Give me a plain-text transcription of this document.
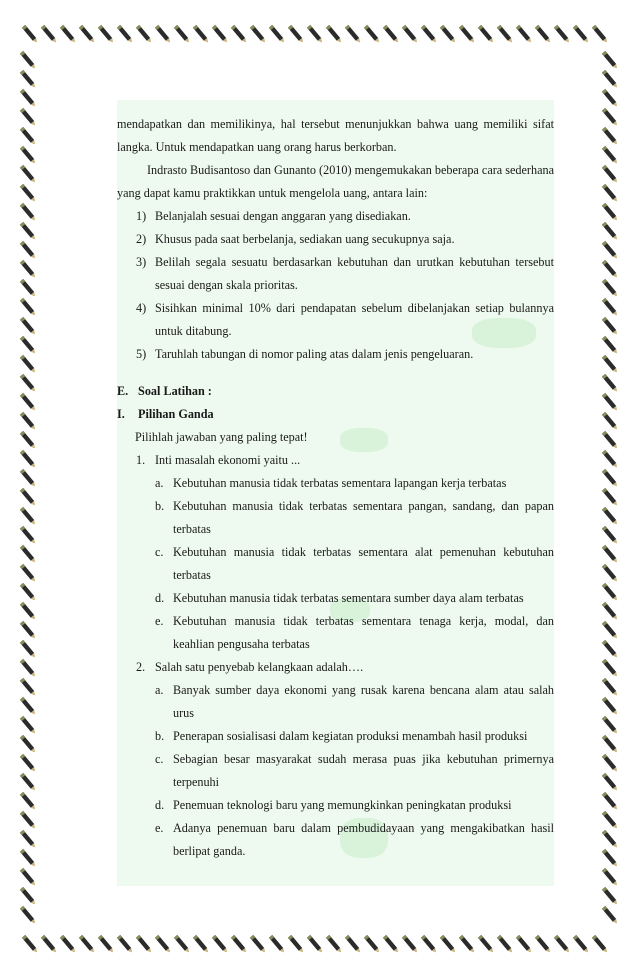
mendapatkan dan memilikinya, hal tersebut menunjukkan bahwa uang memiliki sifat langka. Untuk mendapatkan uang orang harus berkorban.

Indrasto Budisantoso dan Gunanto (2010) mengemukakan beberapa cara sederhana yang dapat kamu praktikkan untuk mengelola uang, antara lain:

1) Belanjalah sesuai dengan anggaran yang disediakan.
2) Khusus pada saat berbelanja, sediakan uang secukupnya saja.
3) Belilah segala sesuatu berdasarkan kebutuhan dan urutkan kebutuhan tersebut sesuai dengan skala prioritas.
4) Sisihkan minimal 10% dari pendapatan sebelum dibelanjakan setiap bulannya untuk ditabung.
5) Taruhlah tabungan di nomor paling atas dalam jenis pengeluaran.

E. Soal Latihan :

I. Pilihan Ganda

Pilihlah jawaban yang paling tepat!

1. Inti masalah ekonomi yaitu ...
a. Kebutuhan manusia tidak terbatas sementara lapangan kerja terbatas
b. Kebutuhan manusia tidak terbatas sementara pangan, sandang, dan papan terbatas
c. Kebutuhan manusia tidak terbatas sementara alat pemenuhan kebutuhan terbatas
d. Kebutuhan manusia tidak terbatas sementara sumber daya alam terbatas
e. Kebutuhan manusia tidak terbatas sementara tenaga kerja, modal, dan keahlian pengusaha terbatas
2. Salah satu penyebab kelangkaan adalah….
a. Banyak sumber daya ekonomi yang rusak karena bencana alam atau salah urus
b. Penerapan sosialisasi dalam kegiatan produksi menambah hasil produksi
c. Sebagian besar masyarakat sudah merasa puas jika kebutuhan primernya terpenuhi
d. Penemuan teknologi baru yang memungkinkan peningkatan produksi
e. Adanya penemuan baru dalam pembudidayaan yang mengakibatkan hasil berlipat ganda.
